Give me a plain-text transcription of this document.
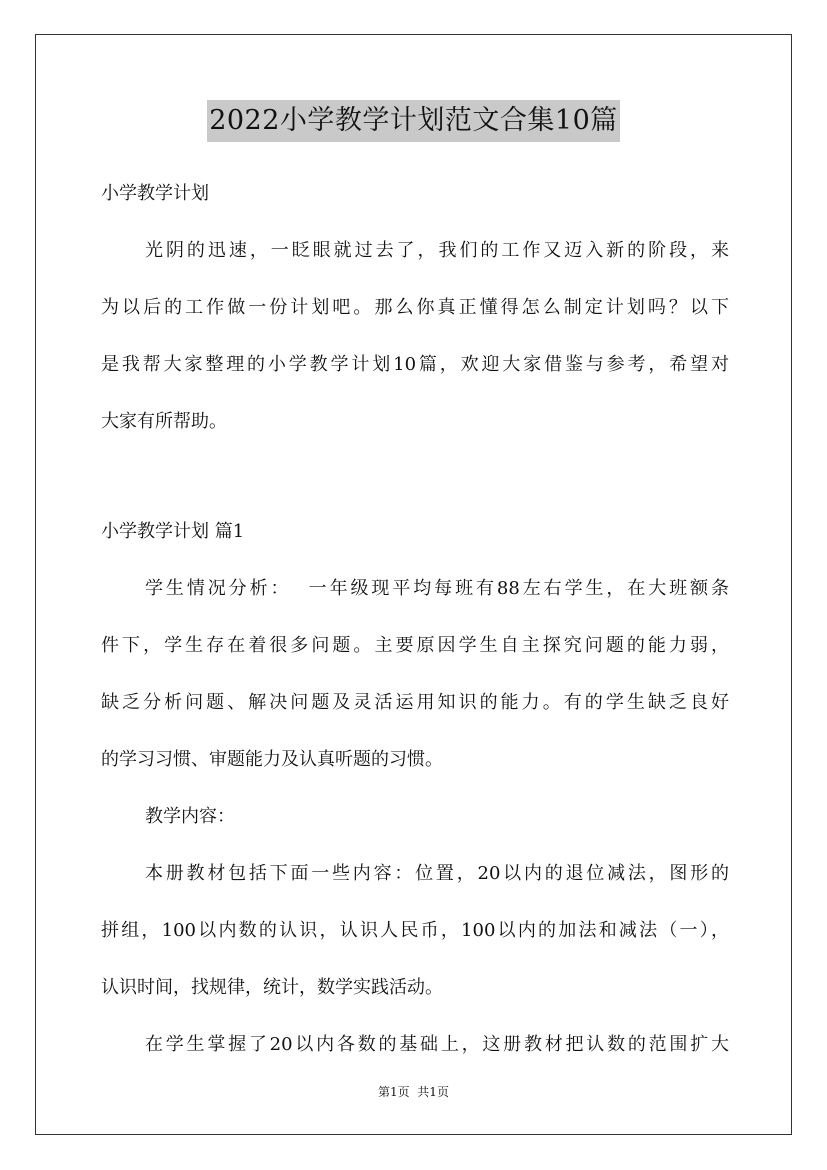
2022小学教学计划范文合集10篇

小学教学计划

光阴的迅速，一眨眼就过去了，我们的工作又迈入新的阶段，来

为以后的工作做一份计划吧。那么你真正懂得怎么制定计划吗？以下

是我帮大家整理的小学教学计划10篇，欢迎大家借鉴与参考，希望对

大家有所帮助。

小学教学计划 篇1

学生情况分析：  一年级现平均每班有88左右学生，在大班额条

件下，学生存在着很多问题。主要原因学生自主探究问题的能力弱，

缺乏分析问题、解决问题及灵活运用知识的能力。有的学生缺乏良好

的学习习惯、审题能力及认真听题的习惯。

教学内容：

本册教材包括下面一些内容：位置，20以内的退位减法，图形的

拼组，100以内数的认识，认识人民币，100以内的加法和减法（一），

认识时间，找规律，统计，数学实践活动。

在学生掌握了20以内各数的基础上，这册教材把认数的范围扩大

第1页  共1页
